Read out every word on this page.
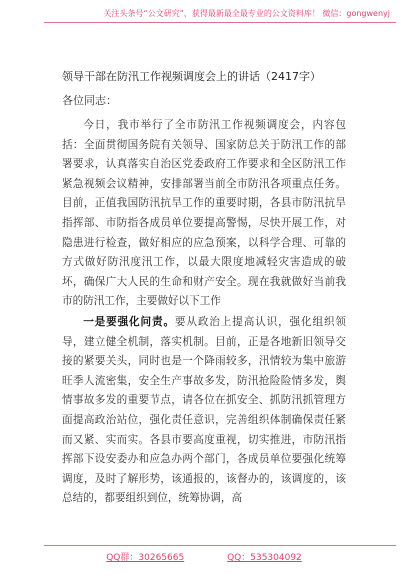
关注头条号“公文研究”，获得最新最全最专业的公文资料库！ 微信：gongwenyj
领导干部在防汛工作视频调度会上的讲话（2417字）
各位同志：

今日，我市举行了全市防汛工作视频调度会，内容包括：全面贯彻国务院有关领导、国家防总关于防汛工作的部署要求，认真落实自治区党委政府工作要求和全区防汛工作紧急视频会议精神，安排部署当前全市防汛各项重点任务。目前，正值我国防汛抗旱工作的重要时期，各县市防汛抗旱指挥部、市防指各成员单位要提高警惕，尽快开展工作，对隐患进行检查，做好相应的应急预案，以科学合理、可靠的方式做好防汛度汛工作，以最大限度地减轻灾害造成的破坏，确保广大人民的生命和财产安全。现在我就做好当前我市的防汛工作，主要做好以下工作

一是要强化问责。要从政治上提高认识，强化组织领导，建立健全机制，落实机制。目前，正是各地新旧领导交接的紧要关头，同时也是一个降雨较多，汛情较为集中旅游旺季人流密集，安全生产事故多发，防汛抢险险情多发，舆情事故多发的重要节点，请各位在抓安全、抓防汛抓管理方面提高政治站位，强化责任意识，完善组织体制确保责任紧而又紧、实而实。各县市要高度重视，切实推进，市防汛指挥部下设安委办和应急办两个部门，各成员单位要强化统筹调度，及时了解形势，该通报的，该督办的，该调度的，该总结的，都要组织到位，统筹协调，高

QQ群：30265665	QQ：535304092
